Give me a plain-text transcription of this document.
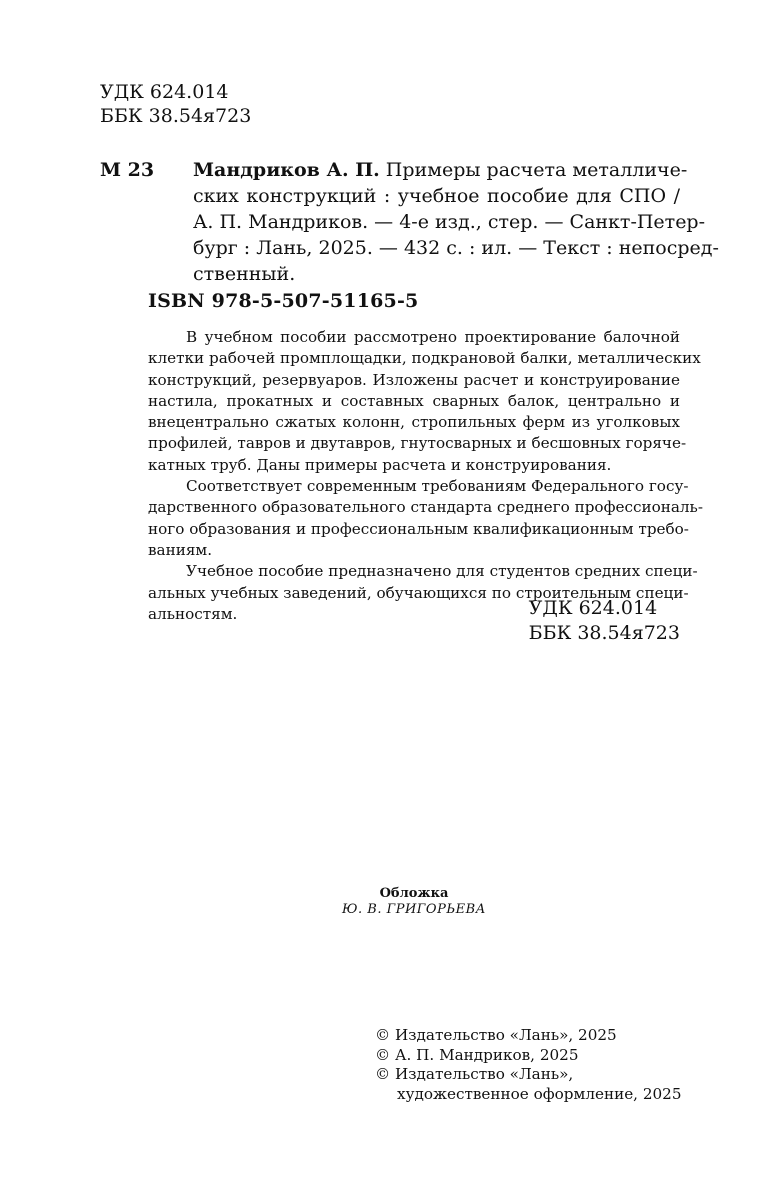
УДК 624.014
ББК 38.54я723
М 23 Мандриков А. П. Примеры расчета металличе-
ских конструкций : учебное пособие для СПО /
А. П. Мандриков. — 4-е изд., стер. — Санкт-Петер-
бург : Лань, 2025. — 432 с. : ил. — Текст : непосред-
ственный.
ISBN 978-5-507-51165-5
В учебном пособии рассмотрено проектирование балочной
клетки рабочей промплощадки, подкрановой балки, металлических
конструкций, резервуаров. Изложены расчет и конструирование
настила, прокатных и составных сварных балок, центрально и
внецентрально сжатых колонн, стропильных ферм из уголковых
профилей, тавров и двутавров, гнутосварных и бесшовных горяче-
катных труб. Даны примеры расчета и конструирования.
Соответствует современным требованиям Федерального госу-
дарственного образовательного стандарта среднего профессиональ-
ного образования и профессиональным квалификационным требо-
ваниям.
Учебное пособие предназначено для студентов средних специ-
альных учебных заведений, обучающихся по строительным специ-
альностям.	УДК 624.014
ББК 38.54я723
Обложка
Ю. В. ГРИГОРЬЕВА
© Издательство «Лань», 2025
© А. П. Мандриков, 2025
© Издательство «Лань»,
художественное оформление, 2025
